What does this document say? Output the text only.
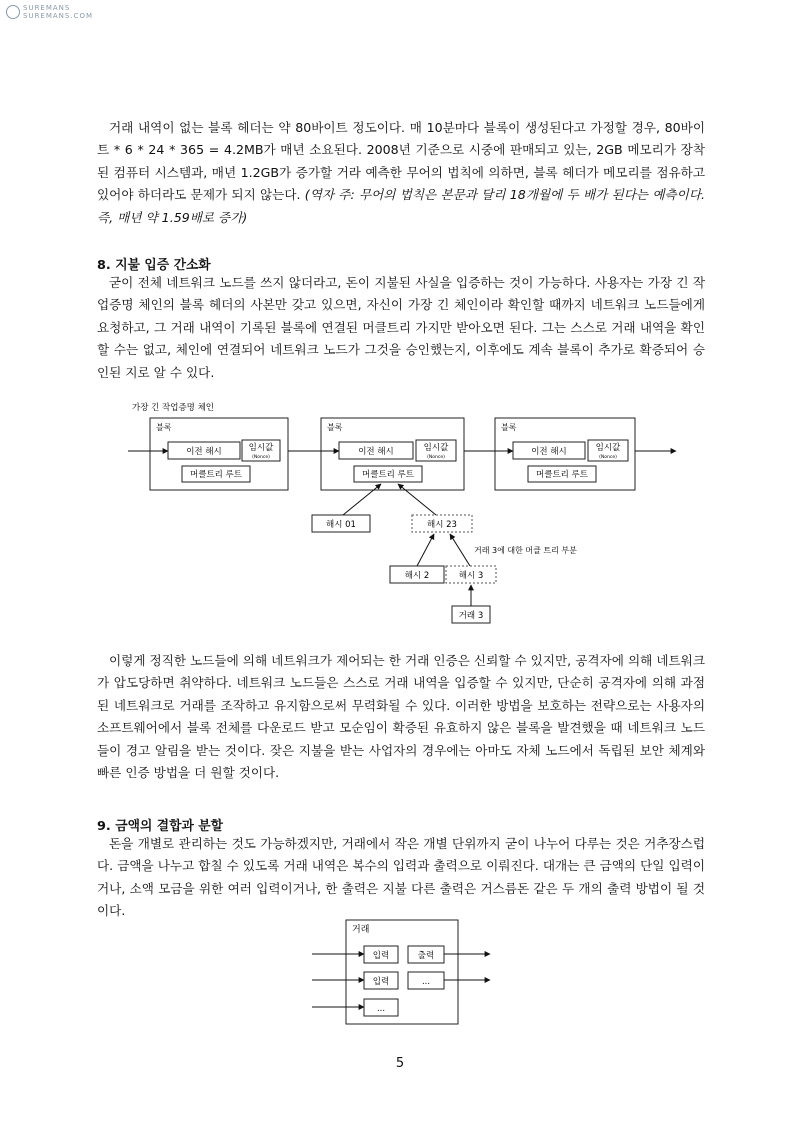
SUREMANS
SUREMANS.COM

거래 내역이 없는 블록 헤더는 약 80바이트 정도이다. 매 10분마다 블록이 생성된다고 가정할 경우, 80바이트 * 6 * 24 * 365 = 4.2MB가 매년 소요된다. 2008년 기준으로 시중에 판매되고 있는, 2GB 메모리가 장착된 컴퓨터 시스템과, 매년 1.2GB가 증가할 거라 예측한 무어의 법칙에 의하면, 블록 헤더가 메모리를 점유하고 있어야 하더라도 문제가 되지 않는다. (역자 주: 무어의 법칙은 본문과 달리 18개월에 두 배가 된다는 예측이다. 즉, 매년 약 1.59배로 증가)

8. 지불 입증 간소화

굳이 전체 네트워크 노드를 쓰지 않더라고, 돈이 지불된 사실을 입증하는 것이 가능하다. 사용자는 가장 긴 작업증명 체인의 블록 헤더의 사본만 갖고 있으면, 자신이 가장 긴 체인이라 확인할 때까지 네트워크 노드들에게 요청하고, 그 거래 내역이 기록된 블록에 연결된 머클트리 가지만 받아오면 된다. 그는 스스로 거래 내역을 확인할 수는 없고, 체인에 연결되어 네트워크 노드가 그것을 승인했는지, 이후에도 계속 블록이 추가로 확증되어 승인된 지로 알 수 있다.

가장 긴 작업증명 체인
블록
이전 해시	임시값
(Nonce)
머클트리 루트
블록
이전 해시	임시값
(Nonce)
머클트리 루트
블록
이전 해시	임시값
(Nonce)
머클트리 루트
해시 01	해시 23
해시 2	해시 3
거래 3에 대한 머클 트리 부분
거래 3

이렇게 정직한 노드들에 의해 네트워크가 제어되는 한 거래 인증은 신뢰할 수 있지만, 공격자에 의해 네트워크가 압도당하면 취약하다. 네트워크 노드들은 스스로 거래 내역을 입증할 수 있지만, 단순히 공격자에 의해 과점된 네트워크로 거래를 조작하고 유지함으로써 무력화될 수 있다. 이러한 방법을 보호하는 전략으로는 사용자의 소프트웨어에서 블록 전체를 다운로드 받고 모순임이 확증된 유효하지 않은 블록을 발견했을 때 네트워크 노드들이 경고 알림을 받는 것이다. 잦은 지불을 받는 사업자의 경우에는 아마도 자체 노드에서 독립된 보안 체계와 빠른 인증 방법을 더 원할 것이다.

9. 금액의 결합과 분할

돈을 개별로 관리하는 것도 가능하겠지만, 거래에서 작은 개별 단위까지 굳이 나누어 다루는 것은 거추장스럽다. 금액을 나누고 합칠 수 있도록 거래 내역은 복수의 입력과 출력으로 이뤄진다. 대개는 큰 금액의 단일 입력이거나, 소액 모금을 위한 여러 입력이거나, 한 출력은 지불 다른 출력은 거스름돈 같은 두 개의 출력 방법이 될 것이다.

거래
입력
입력
...
출력
...
5
